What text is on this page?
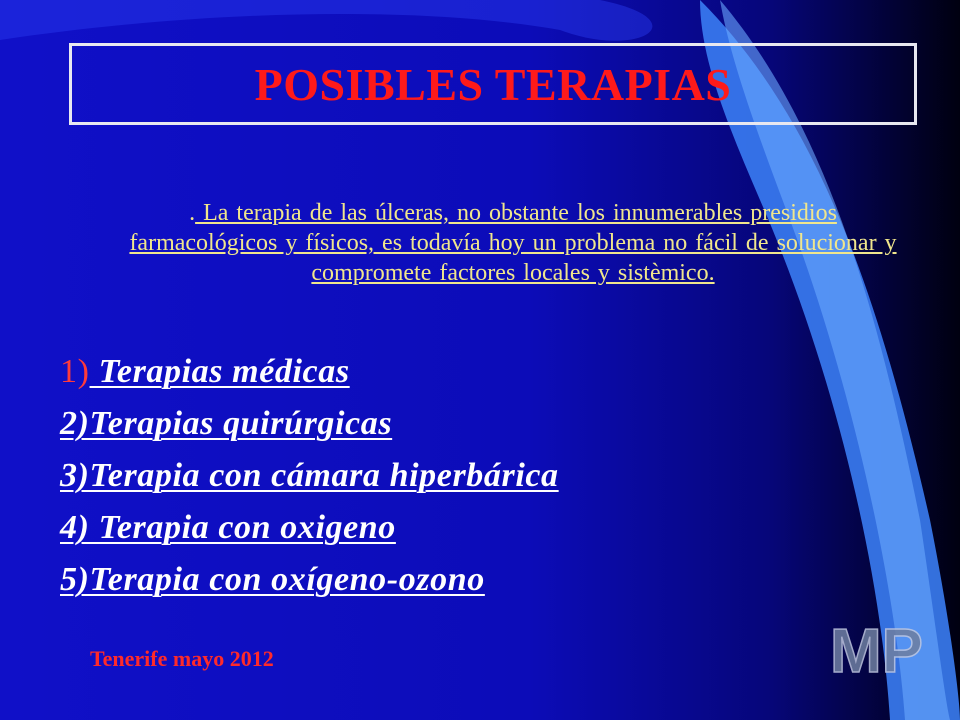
POSIBLES TERAPIAS
. La terapia de las úlceras, no obstante los innumerables presidios farmacológicos y físicos, es todavía hoy un problema no fácil de solucionar y compromete factores locales y sistèmico.
1) Terapias médicas
2)Terapias quirúrgicas
3)Terapia con cámara hiperbárica
4) Terapia con oxigeno
5)Terapia con oxígeno-ozono
Tenerife mayo 2012	MP
